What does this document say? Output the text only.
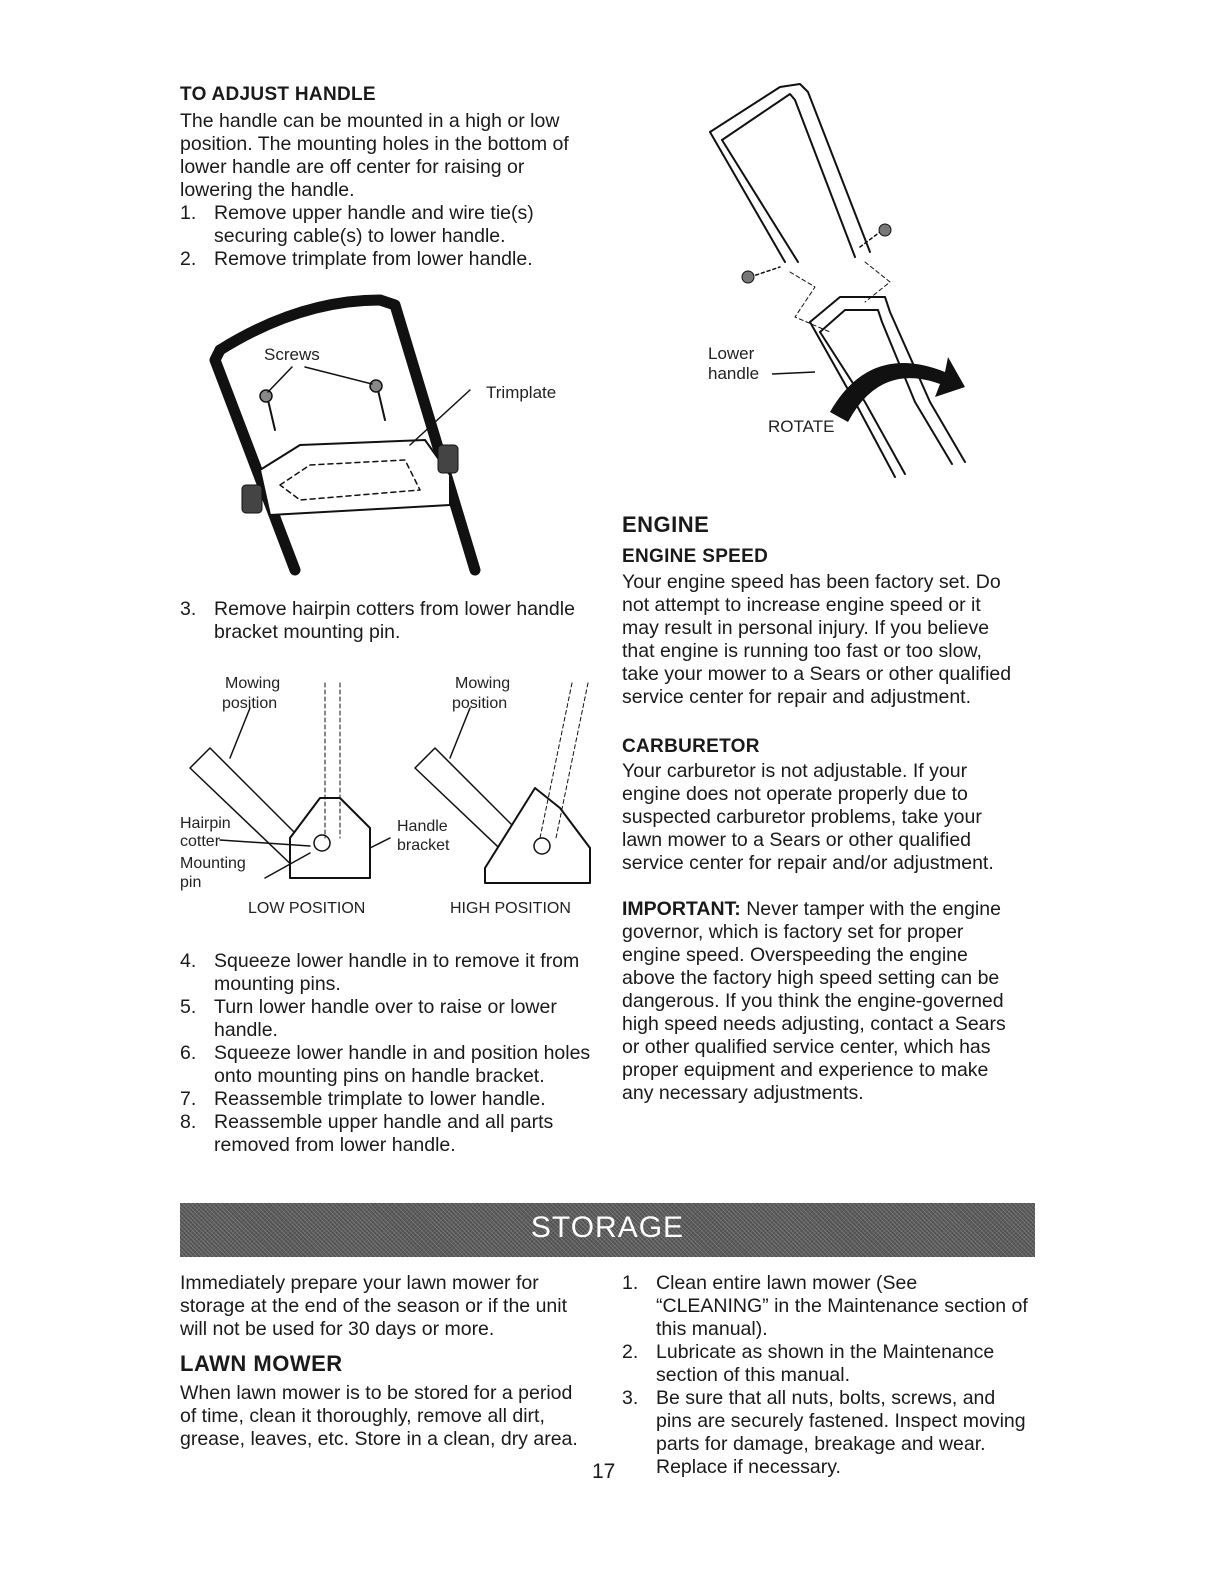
TO ADJUST HANDLE
The handle can be mounted in a high or low position. The mounting holes in the bottom of lower handle are off center for raising or lowering the handle.
1. Remove upper handle and wire tie(s) securing cable(s) to lower handle.
2. Remove trimplate from lower handle.
Screws
Trimplate
3. Remove hairpin cotters from lower handle bracket mounting pin.
Mowing
position
Mowing
position
Hairpin
cotter
Mounting
pin
Handle
bracket
LOW POSITION	HIGH POSITION
4. Squeeze lower handle in to remove it from mounting pins.
5. Turn lower handle over to raise or lower handle.
6. Squeeze lower handle in and position holes onto mounting pins on handle bracket.
7. Reassemble trimplate to lower handle.
8. Reassemble upper handle and all parts removed from lower handle.
Lower
handle
ROTATE
ENGINE
ENGINE SPEED
Your engine speed has been factory set. Do not attempt to increase engine speed or it may result in personal injury. If you believe that engine is running too fast or too slow, take your mower to a Sears or other qualified service center for repair and adjustment.
CARBURETOR
Your carburetor is not adjustable. If your engine does not operate properly due to suspected carburetor problems, take your lawn mower to a Sears or other qualified service center for repair and/or adjustment.
IMPORTANT: Never tamper with the engine governor, which is factory set for proper engine speed. Overspeeding the engine above the factory high speed setting can be dangerous. If you think the engine-governed high speed needs adjusting, contact a Sears or other qualified service center, which has proper equipment and experience to make any necessary adjustments.
STORAGE
Immediately prepare your lawn mower for storage at the end of the season or if the unit will not be used for 30 days or more.
LAWN MOWER
When lawn mower is to be stored for a period of time, clean it thoroughly, remove all dirt, grease, leaves, etc. Store in a clean, dry area.
1. Clean entire lawn mower (See “CLEANING” in the Maintenance section of this manual).
2. Lubricate as shown in the Maintenance section of this manual.
3. Be sure that all nuts, bolts, screws, and pins are securely fastened. Inspect moving parts for damage, breakage and wear. Replace if necessary.
17
